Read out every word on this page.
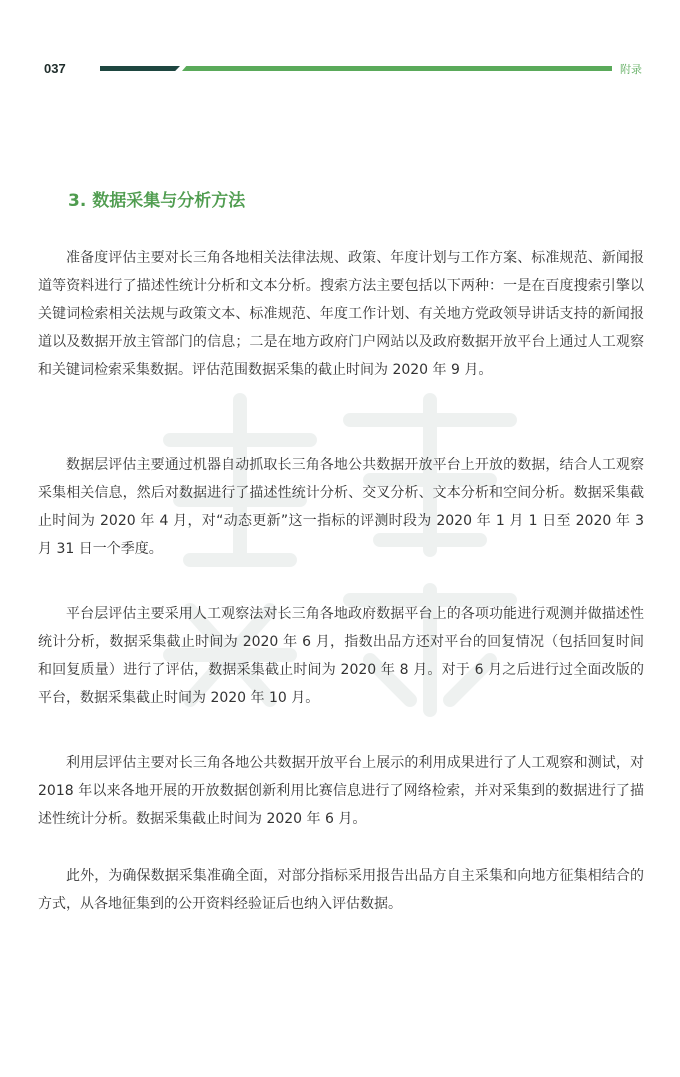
037	附录
3. 数据采集与分析方法

准备度评估主要对长三角各地相关法律法规、政策、年度计划与工作方案、标准规范、新闻报道等资料进行了描述性统计分析和文本分析。搜索方法主要包括以下两种：一是在百度搜索引擎以关键词检索相关法规与政策文本、标准规范、年度工作计划、有关地方党政领导讲话支持的新闻报道以及数据开放主管部门的信息；二是在地方政府门户网站以及政府数据开放平台上通过人工观察和关键词检索采集数据。评估范围数据采集的截止时间为 2020 年 9 月。

数据层评估主要通过机器自动抓取长三角各地公共数据开放平台上开放的数据，结合人工观察采集相关信息，然后对数据进行了描述性统计分析、交叉分析、文本分析和空间分析。数据采集截止时间为 2020 年 4 月，对“动态更新”这一指标的评测时段为 2020 年 1 月 1 日至 2020 年 3 月 31 日一个季度。

平台层评估主要采用人工观察法对长三角各地政府数据平台上的各项功能进行观测并做描述性统计分析，数据采集截止时间为 2020 年 6 月，指数出品方还对平台的回复情况（包括回复时间和回复质量）进行了评估，数据采集截止时间为 2020 年 8 月。对于 6 月之后进行过全面改版的平台，数据采集截止时间为 2020 年 10 月。

利用层评估主要对长三角各地公共数据开放平台上展示的利用成果进行了人工观察和测试，对 2018 年以来各地开展的开放数据创新利用比赛信息进行了网络检索，并对采集到的数据进行了描述性统计分析。数据采集截止时间为 2020 年 6 月。

此外，为确保数据采集准确全面，对部分指标采用报告出品方自主采集和向地方征集相结合的方式，从各地征集到的公开资料经验证后也纳入评估数据。
